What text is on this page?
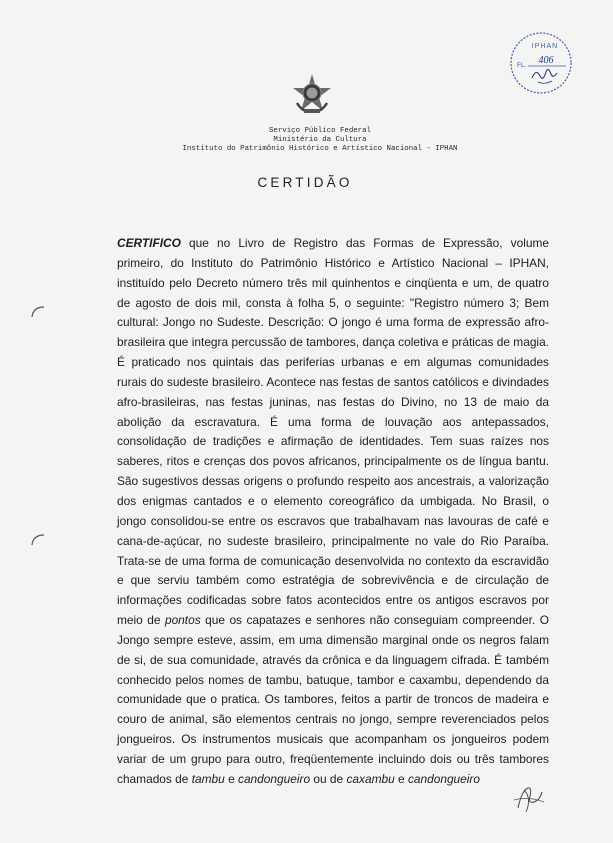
Serviço Público Federal
Ministério da Cultura
Instituto do Patrimônio Histórico e Artístico Nacional - IPHAN
CERTIDÃO
IPHAN
FL. 406

CERTIFICO que no Livro de Registro das Formas de Expressão, volume primeiro, do Instituto do Patrimônio Histórico e Artístico Nacional – IPHAN, instituído pelo Decreto número três mil quinhentos e cinqüenta e um, de quatro de agosto de dois mil, consta à folha 5, o seguinte: "Registro número 3; Bem cultural: Jongo no Sudeste. Descrição: O jongo é uma forma de expressão afro-brasileira que integra percussão de tambores, dança coletiva e práticas de magia. É praticado nos quintais das periferias urbanas e em algumas comunidades rurais do sudeste brasileiro. Acontece nas festas de santos católicos e divindades afro-brasileiras, nas festas juninas, nas festas do Divino, no 13 de maio da abolição da escravatura. É uma forma de louvação aos antepassados, consolidação de tradições e afirmação de identidades. Tem suas raízes nos saberes, ritos e crenças dos povos africanos, principalmente os de língua bantu. São sugestivos dessas origens o profundo respeito aos ancestrais, a valorização dos enigmas cantados e o elemento coreográfico da umbigada. No Brasil, o jongo consolidou-se entre os escravos que trabalhavam nas lavouras de café e cana-de-açúcar, no sudeste brasileiro, principalmente no vale do Rio Paraíba. Trata-se de uma forma de comunicação desenvolvida no contexto da escravidão e que serviu também como estratégia de sobrevivência e de circulação de informações codificadas sobre fatos acontecidos entre os antigos escravos por meio de pontos que os capatazes e senhores não conseguiam compreender. O Jongo sempre esteve, assim, em uma dimensão marginal onde os negros falam de si, de sua comunidade, através da crônica e da linguagem cifrada. É também conhecido pelos nomes de tambu, batuque, tambor e caxambu, dependendo da comunidade que o pratica. Os tambores, feitos a partir de troncos de madeira e couro de animal, são elementos centrais no jongo, sempre reverenciados pelos jongueiros. Os instrumentos musicais que acompanham os jongueiros podem variar de um grupo para outro, freqüentemente incluindo dois ou três tambores chamados de tambu e candongueiro ou de caxambu e candongueiro
